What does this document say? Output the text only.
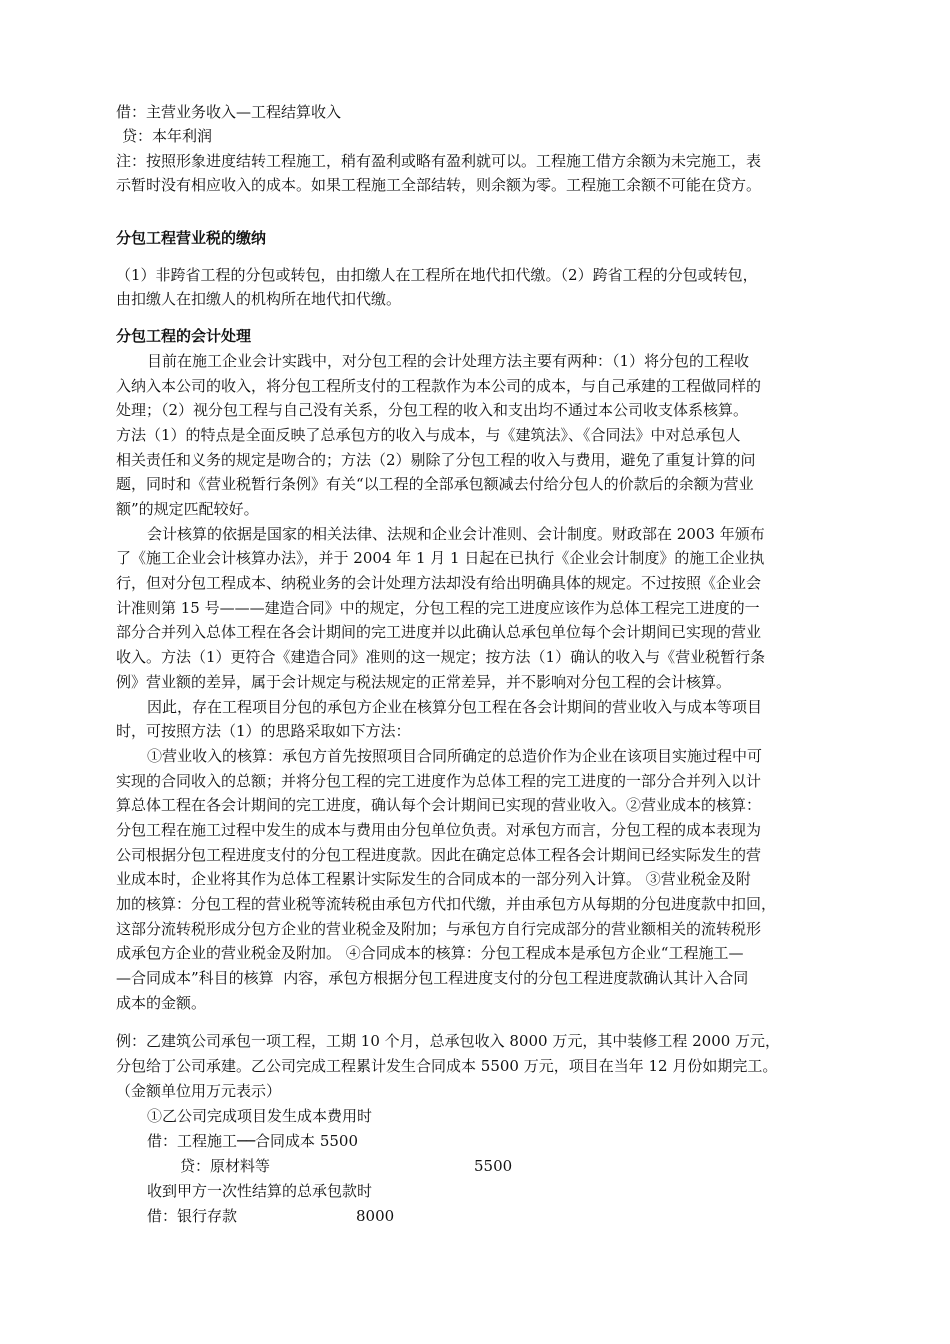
借：主营业务收入—工程结算收入
贷：本年利润
注：按照形象进度结转工程施工，稍有盈利或略有盈利就可以。工程施工借方余额为未完施工，表
示暂时没有相应收入的成本。如果工程施工全部结转，则余额为零。工程施工余额不可能在贷方。
分包工程营业税的缴纳
（1）非跨省工程的分包或转包，由扣缴人在工程所在地代扣代缴。（2）跨省工程的分包或转包，
由扣缴人在扣缴人的机构所在地代扣代缴。
分包工程的会计处理
目前在施工企业会计实践中，对分包工程的会计处理方法主要有两种：（1）将分包的工程收
入纳入本公司的收入，将分包工程所支付的工程款作为本公司的成本，与自己承建的工程做同样的
处理；（2）视分包工程与自己没有关系，分包工程的收入和支出均不通过本公司收支体系核算。
方法（1）的特点是全面反映了总承包方的收入与成本，与《建筑法》、《合同法》中对总承包人
相关责任和义务的规定是吻合的；方法（2）剔除了分包工程的收入与费用，避免了重复计算的问
题，同时和《营业税暂行条例》有关“以工程的全部承包额减去付给分包人的价款后的余额为营业
额”的规定匹配较好。
会计核算的依据是国家的相关法律、法规和企业会计准则、会计制度。财政部在 2003 年颁布
了《施工企业会计核算办法》，并于 2004 年 1 月 1 日起在已执行《企业会计制度》的施工企业执
行，但对分包工程成本、纳税业务的会计处理方法却没有给出明确具体的规定。不过按照《企业会
计准则第 15 号———建造合同》中的规定，分包工程的完工进度应该作为总体工程完工进度的一
部分合并列入总体工程在各会计期间的完工进度并以此确认总承包单位每个会计期间已实现的营业
收入。方法（1）更符合《建造合同》准则的这一规定；按方法（1）确认的收入与《营业税暂行条
例》营业额的差异，属于会计规定与税法规定的正常差异，并不影响对分包工程的会计核算。
因此，存在工程项目分包的承包方企业在核算分包工程在各会计期间的营业收入与成本等项目
时，可按照方法（1）的思路采取如下方法：
①营业收入的核算：承包方首先按照项目合同所确定的总造价作为企业在该项目实施过程中可
实现的合同收入的总额；并将分包工程的完工进度作为总体工程的完工进度的一部分合并列入以计
算总体工程在各会计期间的完工进度，确认每个会计期间已实现的营业收入。②营业成本的核算：
分包工程在施工过程中发生的成本与费用由分包单位负责。对承包方而言，分包工程的成本表现为
公司根据分包工程进度支付的分包工程进度款。因此在确定总体工程各会计期间已经实际发生的营
业成本时，企业将其作为总体工程累计实际发生的合同成本的一部分列入计算。 ③营业税金及附
加的核算：分包工程的营业税等流转税由承包方代扣代缴，并由承包方从每期的分包进度款中扣回，
这部分流转税形成分包方企业的营业税金及附加；与承包方自行完成部分的营业额相关的流转税形
成承包方企业的营业税金及附加。 ④合同成本的核算：分包工程成本是承包方企业“工程施工—
—合同成本”科目的核算  内容，承包方根据分包工程进度支付的分包工程进度款确认其计入合同
成本的金额。
例：乙建筑公司承包一项工程，工期 10 个月，总承包收入 8000 万元，其中装修工程 2000 万元，
分包给丁公司承建。乙公司完成工程累计发生合同成本 5500 万元，项目在当年 12 月份如期完工。
（金额单位用万元表示）
①乙公司完成项目发生成本费用时
借：工程施工──合同成本 5500
贷：原材料等	5500
收到甲方一次性结算的总承包款时
借：银行存款	8000
